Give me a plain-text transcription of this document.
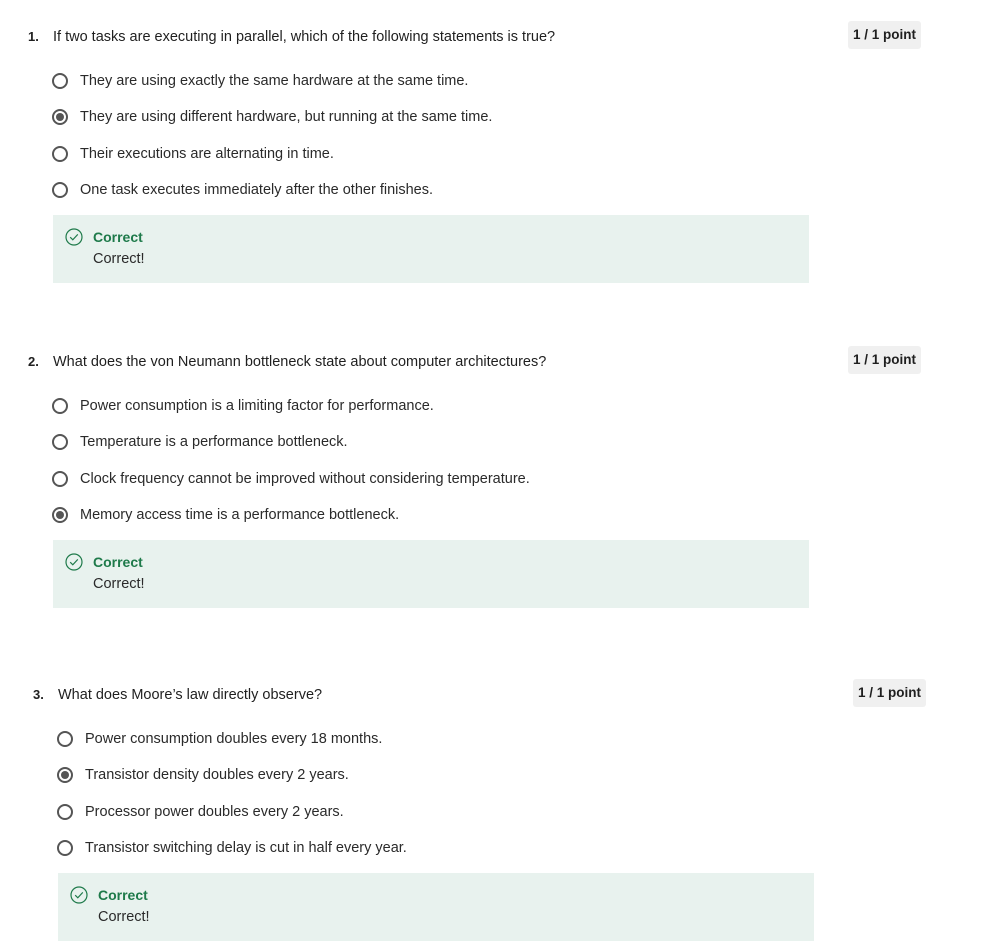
1. If two tasks are executing in parallel, which of the following statements is true?	1 / 1 point
They are using exactly the same hardware at the same time.
They are using different hardware, but running at the same time.
Their executions are alternating in time.
One task executes immediately after the other finishes.
Correct
Correct!
2. What does the von Neumann bottleneck state about computer architectures?	1 / 1 point
Power consumption is a limiting factor for performance.
Temperature is a performance bottleneck.
Clock frequency cannot be improved without considering temperature.
Memory access time is a performance bottleneck.
Correct
Correct!
3. What does Moore’s law directly observe?	1 / 1 point
Power consumption doubles every 18 months.
Transistor density doubles every 2 years.
Processor power doubles every 2 years.
Transistor switching delay is cut in half every year.
Correct
Correct!
